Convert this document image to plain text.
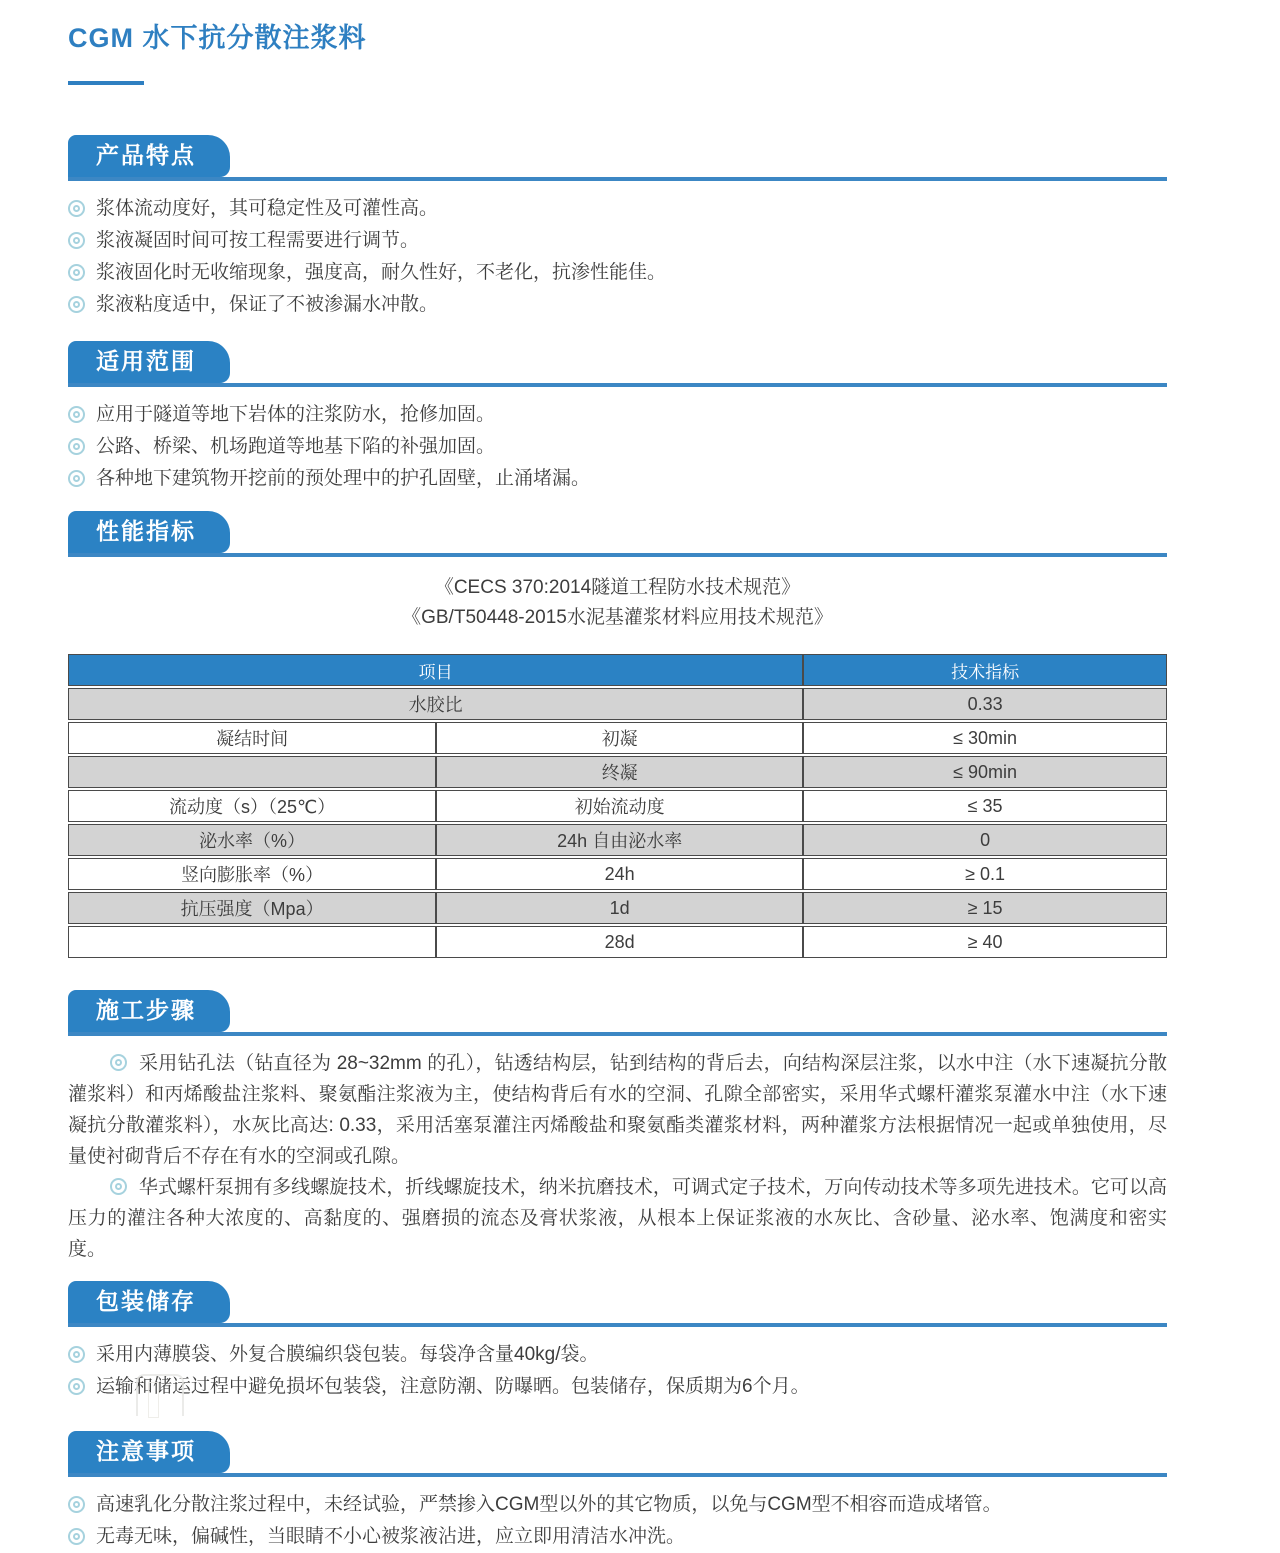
CGM 水下抗分散注浆料
产品特点
浆体流动度好，其可稳定性及可灌性高。
浆液凝固时间可按工程需要进行调节。
浆液固化时无收缩现象，强度高，耐久性好，不老化，抗渗性能佳。
浆液粘度适中，保证了不被渗漏水冲散。
适用范围
应用于隧道等地下岩体的注浆防水，抢修加固。
公路、桥梁、机场跑道等地基下陷的补强加固。
各种地下建筑物开挖前的预处理中的护孔固壁，止涌堵漏。
性能指标
《CECS 370:2014隧道工程防水技术规范》
《GB/T50448-2015水泥基灌浆材料应用技术规范》
项目		技术指标
水胶比		0.33
凝结时间	初凝	≤ 30min
	终凝	≤ 90min
流动度（s）（25℃）	初始流动度	≤ 35
泌水率（%）	24h 自由泌水率	0
竖向膨胀率（%）	24h	≥ 0.1
抗压强度（Mpa）	1d	≥ 15
	28d	≥ 40
施工步骤

采用钻孔法（钻直径为 28~32mm 的孔），钻透结构层，钻到结构的背后去，向结构深层注浆，以水中注（水下速凝抗分散灌浆料）和丙烯酸盐注浆料、聚氨酯注浆液为主，使结构背后有水的空洞、孔隙全部密实，采用华式螺杆灌浆泵灌水中注（水下速凝抗分散灌浆料），水灰比高达: 0.33，采用活塞泵灌注丙烯酸盐和聚氨酯类灌浆材料，两种灌浆方法根据情况一起或单独使用，尽量使衬砌背后不存在有水的空洞或孔隙。

华式螺杆泵拥有多线螺旋技术，折线螺旋技术，纳米抗磨技术，可调式定子技术，万向传动技术等多项先进技术。它可以高压力的灌注各种大浓度的、高黏度的、强磨损的流态及膏状浆液，从根本上保证浆液的水灰比、含砂量、泌水率、饱满度和密实度。

包装储存
采用内薄膜袋、外复合膜编织袋包装。每袋净含量40kg/袋。
运输和储运过程中避免损坏包装袋，注意防潮、防曝晒。包装储存，保质期为6个月。
注意事项
高速乳化分散注浆过程中，未经试验，严禁掺入CGM型以外的其它物质，以免与CGM型不相容而造成堵管。
无毒无味，偏碱性，当眼睛不小心被浆液沾进，应立即用清洁水冲洗。
